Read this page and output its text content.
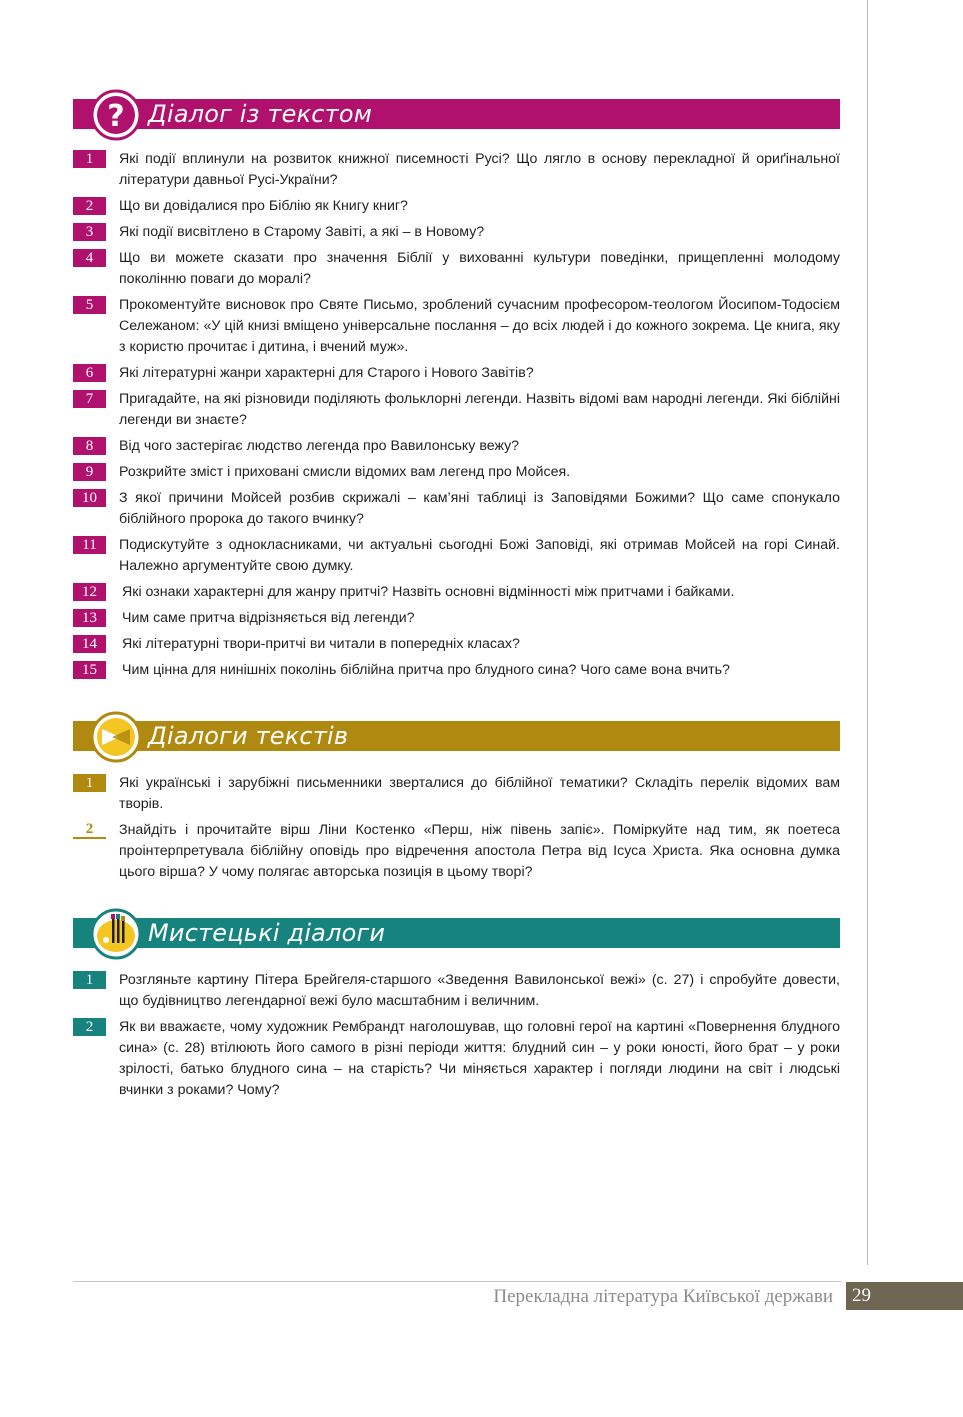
? Діалог із текстом
1	Які події вплинули на розвиток книжної писемності Русі? Що лягло в основу перекладної й ориґінальної літератури давньої Русі-України?
2	Що ви довідалися про Біблію як Книгу книг?
3	Які події висвітлено в Старому Завіті, а які – в Новому?
4	Що ви можете сказати про значення Біблії у вихованні культури поведінки, прищепленні молодому поколінню поваги до моралі?
5	Прокоментуйте висновок про Святе Письмо, зроблений сучасним професором-теологом Йосипом-Тодосієм Сележаном: «У цій книзі вміщено універсальне послання – до всіх людей і до кожного зокрема. Це книга, яку з користю прочитає і дитина, і вчений муж».
6	Які літературні жанри характерні для Старого і Нового Завітів?
7	Пригадайте, на які різновиди поділяють фольклорні легенди. Назвіть відомі вам народні легенди. Які біблійні легенди ви знаєте?
8	Від чого застерігає людство легенда про Вавилонську вежу?
9	Розкрийте зміст і приховані смисли відомих вам легенд про Мойсея.
10	З якої причини Мойсей розбив скрижалі – кам’яні таблиці із Заповідями Божими? Що саме спонукало біблійного пророка до такого вчинку?
11	Подискутуйте з однокласниками, чи актуальні сьогодні Божі Заповіді, які отримав Мойсей на горі Синай. Належно аргументуйте свою думку.
12	Які ознаки характерні для жанру притчі? Назвіть основні відмінності між притчами і байками.
13	Чим саме притча відрізняється від легенди?
14	Які літературні твори-притчі ви читали в попередніх класах?
15	Чим цінна для нинішніх поколінь біблійна притча про блудного сина? Чого саме вона вчить?
Діалоги текстів
1	Які українські і зарубіжні письменники зверталися до біблійної тематики? Складіть перелік відомих вам творів.
2	Знайдіть і прочитайте вірш Ліни Костенко «Перш, ніж півень запіє». Поміркуйте над тим, як поетеса проінтерпретувала біблійну оповідь про відречення апостола Петра від Ісуса Христа. Яка основна думка цього вірша? У чому полягає авторська позиція в цьому творі?
Мистецькі діалоги
1	Розгляньте картину Пітера Брейгеля-старшого «Зведення Вавилонської вежі» (с. 27) і спробуйте довести, що будівництво легендарної вежі було масштабним і величним.
2	Як ви вважаєте, чому художник Рембрандт наголошував, що головні герої на картині «Повернення блудного сина» (с. 28) втілюють його самого в різні періоди життя: блудний син – у роки юності, його брат – у роки зрілості, батько блудного сина – на старість? Чи міняється характер і погляди людини на світ і людські вчинки з роками? Чому?
Перекладна література Київської держави	29
